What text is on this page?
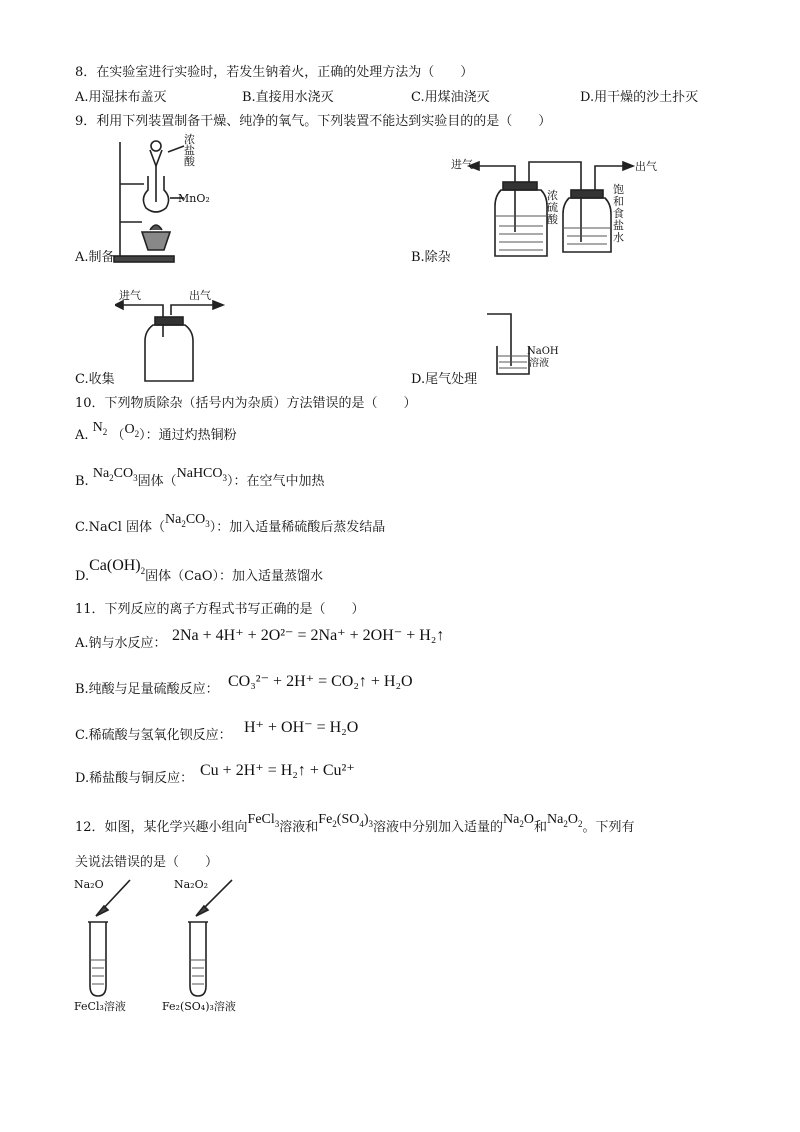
8．在实验室进行实验时，若发生钠着火，正确的处理方法为（　　）
A.用湿抹布盖灭	B.直接用水浇灭	C.用煤油浇灭	D.用干燥的沙土扑灭
9．利用下列装置制备干燥、纯净的氧气。下列装置不能达到实验目的的是（　　）
浓
盐
酸
MnO₂
A.制备
进气	出气
浓
硫
酸
饱
和
食
盐
水
B.除杂
进气	出气
C.收集
NaOH
溶液
D.尾气处理
10．下列物质除杂（括号内为杂质）方法错误的是（　　）
A. $N_2$ $(O_2)$：通过灼热铜粉
B. $Na_2CO_3$固体（NaHCO$_3$）：在空气中加热
C.NaCl 固体$(Na_2CO_3)$：加入适量稀硫酸后蒸发结晶
$D.Ca(OH)_2$固体（CaO）：加入适量蒸馏水
11．下列反应的离子方程式书写正确的是（　　）
A.钠与水反应： 2Na + 4H⁺ + 2O²⁻ = 2Na⁺ + 2OH⁻ + H₂↑
B.纯酸与足量硫酸反应： CO₃²⁻ + 2H⁺ = CO₂↑ + H₂O
C.稀硫酸与氢氧化钡反应： H⁺ + OH⁻ = H₂O
D.稀盐酸与铜反应： Cu + 2H⁺ = H₂↑ + Cu²⁺
12．如图，某化学兴趣小组向FeCl$_3$溶液和$Fe_2(SO_4)_3$溶液中分别加入适量的$Na_2O$和$Na_2O_2$。下列有
关说法错误的是（　　）
Na₂O
FeCl₃溶液
Na₂O₂
Fe₂(SO₄)₃溶液
